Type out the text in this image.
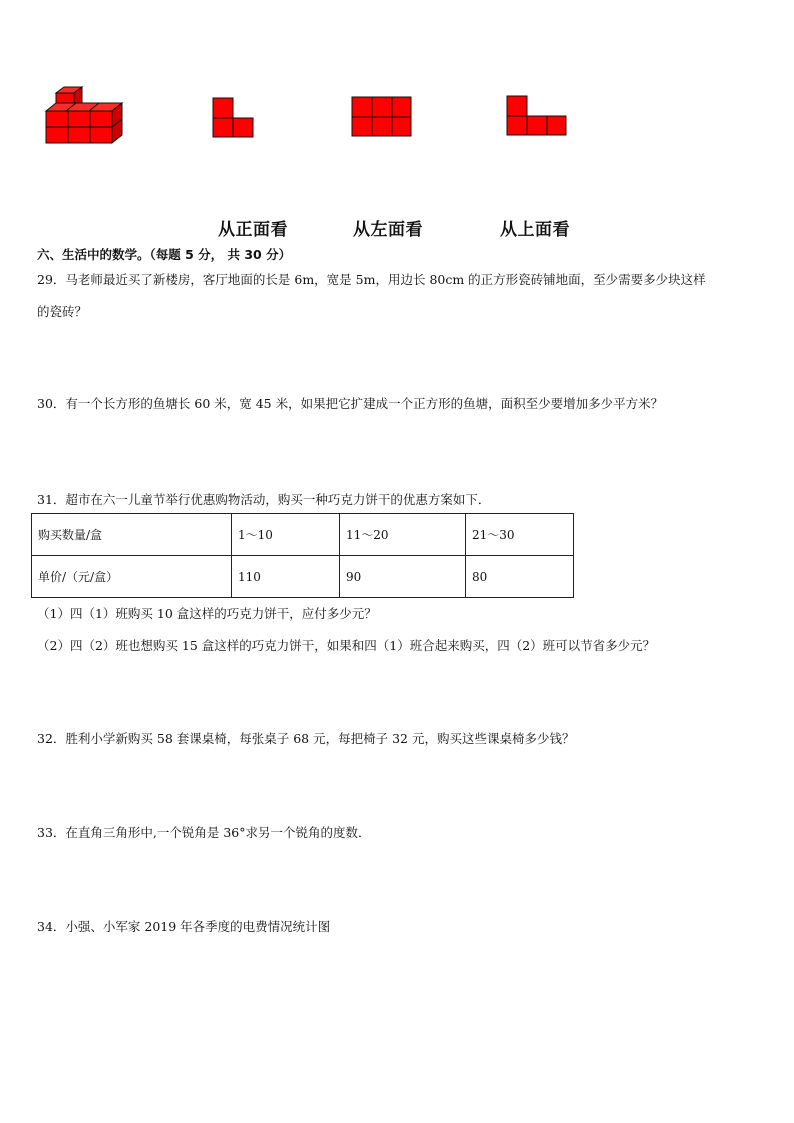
从正面看	从左面看	从上面看
六、生活中的数学。（每题 5 分， 共 30 分）
29．马老师最近买了新楼房，客厅地面的长是 6m，宽是 5m，用边长 80cm 的正方形瓷砖铺地面，至少需要多少块这样
的瓷砖？
30．有一个长方形的鱼塘长 60 米，宽 45 米，如果把它扩建成一个正方形的鱼塘，面积至少要增加多少平方米？
31．超市在六一儿童节举行优惠购物活动，购买一种巧克力饼干的优惠方案如下．
购买数量/盒	1～10	11～20	21～30
单价/（元/盒）	110	90	80
（1）四（1）班购买 10 盒这样的巧克力饼干，应付多少元？
（2）四（2）班也想购买 15 盒这样的巧克力饼干，如果和四（1）班合起来购买，四（2）班可以节省多少元？
32．胜利小学新购买 58 套课桌椅，每张桌子 68 元，每把椅子 32 元，购买这些课桌椅多少钱？
33．在直角三角形中,一个锐角是 36°求另一个锐角的度数．
34．小强、小军家 2019 年各季度的电费情况统计图
